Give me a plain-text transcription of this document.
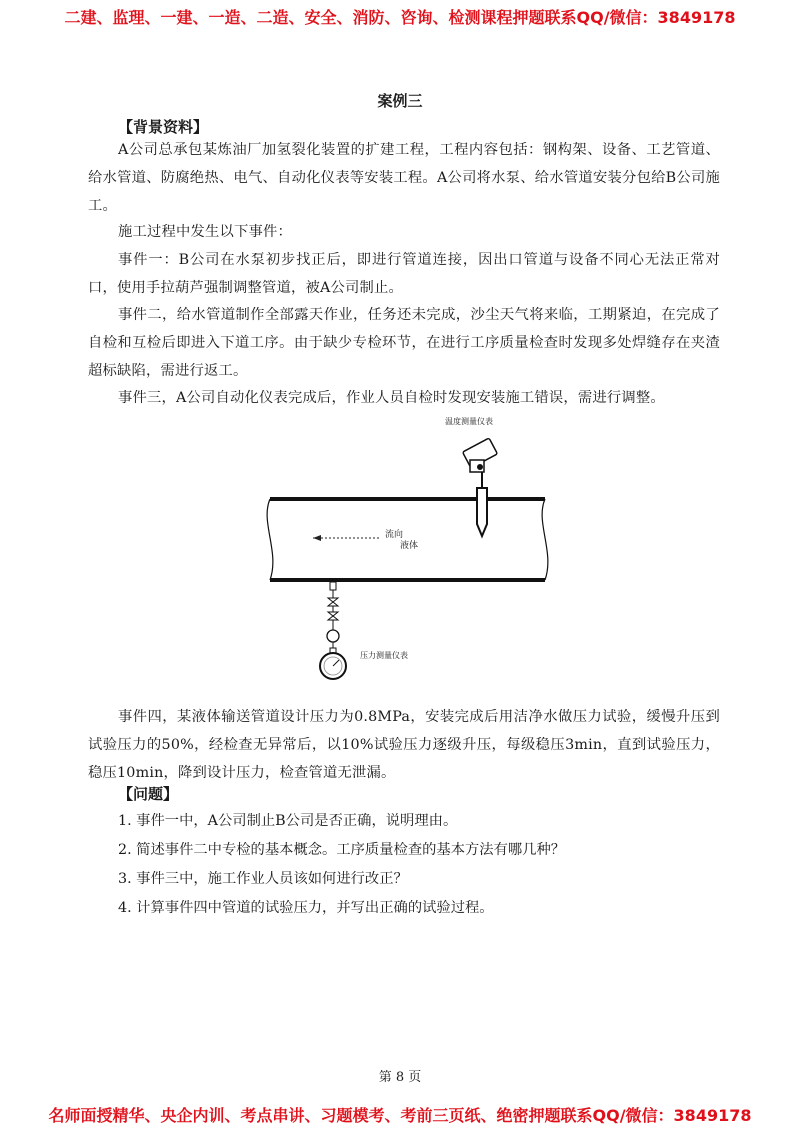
二建、监理、一建、一造、二造、安全、消防、咨询、检测课程押题联系QQ/微信：3849178
案例三
【背景资料】

A公司总承包某炼油厂加氢裂化装置的扩建工程，工程内容包括：钢构架、设备、工艺管道、给水管道、防腐绝热、电气、自动化仪表等安装工程。A公司将水泵、给水管道安装分包给B公司施工。

施工过程中发生以下事件：

事件一：B公司在水泵初步找正后，即进行管道连接，因出口管道与设备不同心无法正常对口，使用手拉葫芦强制调整管道，被A公司制止。

事件二，给水管道制作全部露天作业，任务还未完成，沙尘天气将来临，工期紧迫，在完成了自检和互检后即进入下道工序。由于缺少专检环节，在进行工序质量检查时发现多处焊缝存在夹渣超标缺陷，需进行返工。

事件三，A公司自动化仪表完成后，作业人员自检时发现安装施工错误，需进行调整。

流向
液体
温度测量仪表
压力测量仪表

事件四，某液体输送管道设计压力为0.8MPa，安装完成后用洁净水做压力试验，缓慢升压到试验压力的50%，经检查无异常后，以10%试验压力逐级升压，每级稳压3min，直到试验压力，稳压10min，降到设计压力，检查管道无泄漏。

【问题】
1. 事件一中，A公司制止B公司是否正确，说明理由。
2. 简述事件二中专检的基本概念。工序质量检查的基本方法有哪几种？
3. 事件三中，施工作业人员该如何进行改正？
4. 计算事件四中管道的试验压力，并写出正确的试验过程。
第 8 页
名师面授精华、央企内训、考点串讲、习题模考、考前三页纸、绝密押题联系QQ/微信：3849178
